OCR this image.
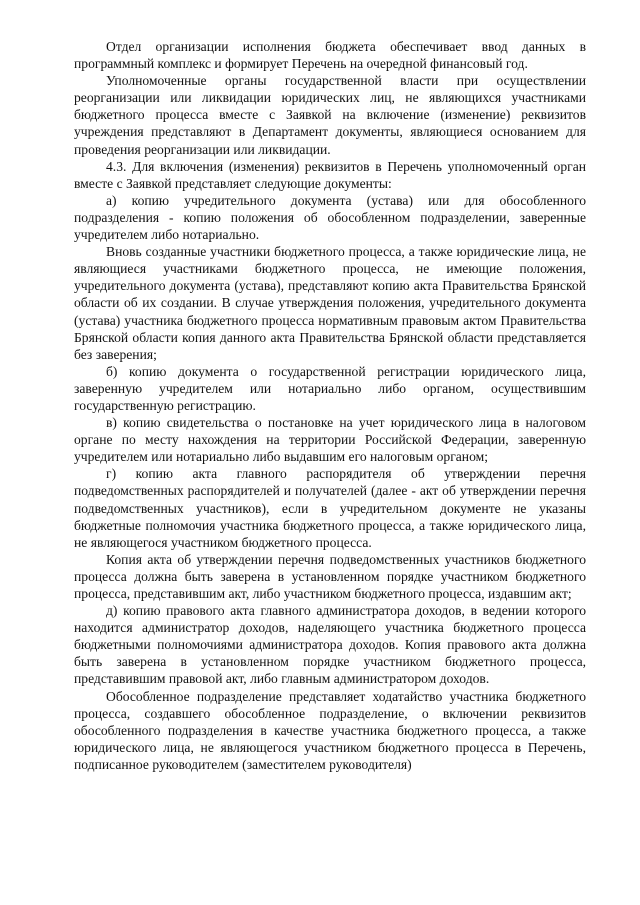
Отдел организации исполнения бюджета обеспечивает ввод данных в программный комплекс и формирует Перечень на очередной финансовый год.

Уполномоченные органы государственной власти при осуществлении реорганизации или ликвидации юридических лиц, не являющихся участниками бюджетного процесса вместе с Заявкой на включение (изменение) реквизитов учреждения представляют в Департамент документы, являющиеся основанием для проведения реорганизации или ликвидации.

4.3. Для включения (изменения) реквизитов в Перечень уполномоченный орган вместе с Заявкой представляет следующие документы:

а) копию учредительного документа (устава) или для обособленного подразделения - копию положения об обособленном подразделении, заверенные учредителем либо нотариально.

Вновь созданные участники бюджетного процесса, а также юридические лица, не являющиеся участниками бюджетного процесса, не имеющие положения, учредительного документа (устава), представляют копию акта Правительства Брянской области об их создании. В случае утверждения положения, учредительного документа (устава) участника бюджетного процесса нормативным правовым актом Правительства Брянской области копия данного акта Правительства Брянской области представляется без заверения;

б) копию документа о государственной регистрации юридического лица, заверенную учредителем или нотариально либо органом, осуществившим государственную регистрацию.

в) копию свидетельства о постановке на учет юридического лица в налоговом органе по месту нахождения на территории Российской Федерации, заверенную учредителем или нотариально либо выдавшим его налоговым органом;

г) копию акта главного распорядителя об утверждении перечня подведомственных распорядителей и получателей (далее - акт об утверждении перечня подведомственных участников), если в учредительном документе не указаны бюджетные полномочия участника бюджетного процесса, а также юридического лица, не являющегося участником бюджетного процесса.

Копия акта об утверждении перечня подведомственных участников бюджетного процесса должна быть заверена в установленном порядке участником бюджетного процесса, представившим акт, либо участником бюджетного процесса, издавшим акт;

д) копию правового акта главного администратора доходов, в ведении которого находится администратор доходов, наделяющего участника бюджетного процесса бюджетными полномочиями администратора доходов. Копия правового акта должна быть заверена в установленном порядке участником бюджетного процесса, представившим правовой акт, либо главным администратором доходов.

Обособленное подразделение представляет ходатайство участника бюджетного процесса, создавшего обособленное подразделение, о включении реквизитов обособленного подразделения в качестве участника бюджетного процесса, а также юридического лица, не являющегося участником бюджетного процесса в Перечень, подписанное руководителем (заместителем руководителя)
